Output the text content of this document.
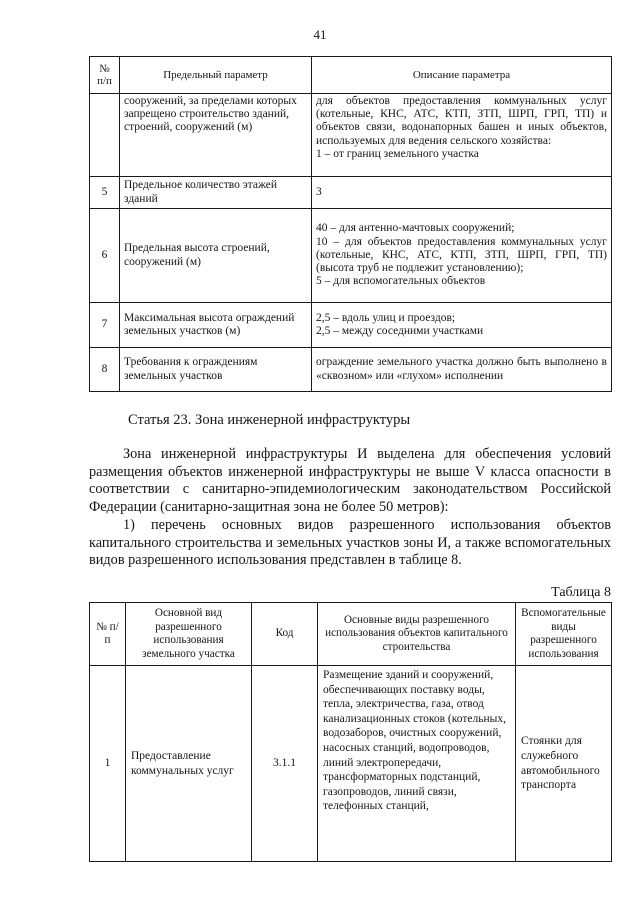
41
№ п/п	Предельный параметр	Описание параметра
	сооружений, за пределами которых запрещено строительство зданий, строений, сооружений (м)	для объектов предоставления коммунальных услуг (котельные, КНС, АТС, КТП, ЗТП, ШРП, ГРП, ТП) и объектов связи, водонапорных башен и иных объектов, используемых для ведения сельского хозяйства:
1 – от границ земельного участка
5	Предельное количество этажей зданий	3
6	Предельная высота строений, сооружений (м)	40 – для антенно-мачтовых сооружений;
10 – для объектов предоставления коммунальных услуг (котельные, КНС, АТС, КТП, ЗТП, ШРП, ГРП, ТП) (высота труб не подлежит установлению);
5 – для вспомогательных объектов
7	Максимальная высота ограждений земельных участков (м)	2,5 – вдоль улиц и проездов;
2,5 – между соседними участками
8	Требования к ограждениям земельных участков	ограждение земельного участка должно быть выполнено в «сквозном» или «глухом» исполнении
Статья 23. Зона инженерной инфраструктуры
Зона инженерной инфраструктуры И выделена для обеспечения условий размещения объектов инженерной инфраструктуры не выше V класса опасности в соответствии с санитарно-эпидемиологическим законодательством Российской Федерации (санитарно-защитная зона не более 50 метров):
1) перечень основных видов разрешенного использования объектов капитального строительства и земельных участков зоны И, а также вспомогательных видов разрешенного использования представлен в таблице 8.
Таблица 8
№ п/п	Основной вид разрешенного использования земельного участка	Код	Основные виды разрешенного использования объектов капитального строительства	Вспомогательные виды разрешенного использования
1	Предоставление коммунальных услуг	3.1.1	Размещение зданий и сооружений, обеспечивающих поставку воды, тепла, электричества, газа, отвод канализационных стоков (котельных, водозаборов, очистных сооружений, насосных станций, водопроводов, линий электропередачи, трансформаторных подстанций, газопроводов, линий связи, телефонных станций,	Стоянки для служебного автомобильного транспорта
